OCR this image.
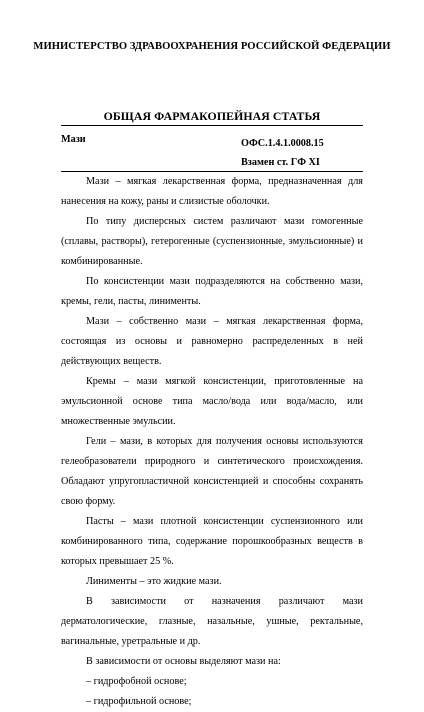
МИНИСТЕРСТВО ЗДРАВООХРАНЕНИЯ РОССИЙСКОЙ ФЕДЕРАЦИИ
ОБЩАЯ ФАРМАКОПЕЙНАЯ СТАТЬЯ
Мази	ОФС.1.4.1.0008.15
Взамен ст. ГФ XI

Мази – мягкая лекарственная форма, предназначенная для нанесения на кожу, раны и слизистые оболочки.

По типу дисперсных систем различают мази гомогенные (сплавы, растворы), гетерогенные (суспензионные, эмульсионные) и комбинированные.

По консистенции мази подразделяются на собственно мази, кремы, гели, пасты, линименты.

Мази – собственно мази – мягкая лекарственная форма, состоящая из основы и равномерно распределенных в ней действующих веществ.

Кремы – мази мягкой консистенции, приготовленные на эмульсионной основе типа масло/вода или вода/масло, или множественные эмульсии.

Гели – мази, в которых для получения основы используются гелеобразователи природного и синтетического происхождения. Обладают упругопластичной консистенцией и способны сохранять свою форму.

Пасты – мази плотной консистенции суспензионного или комбинированного типа, содержание порошкообразных веществ в которых превышает 25 %.

Линименты – это жидкие мази.

В зависимости от назначения различают мази дерматологические, глазные, назальные, ушные, ректальные, вагинальные, уретральные и др.

В зависимости от основы выделяют мази на:

– гидрофобной основе;

– гидрофильной основе;
